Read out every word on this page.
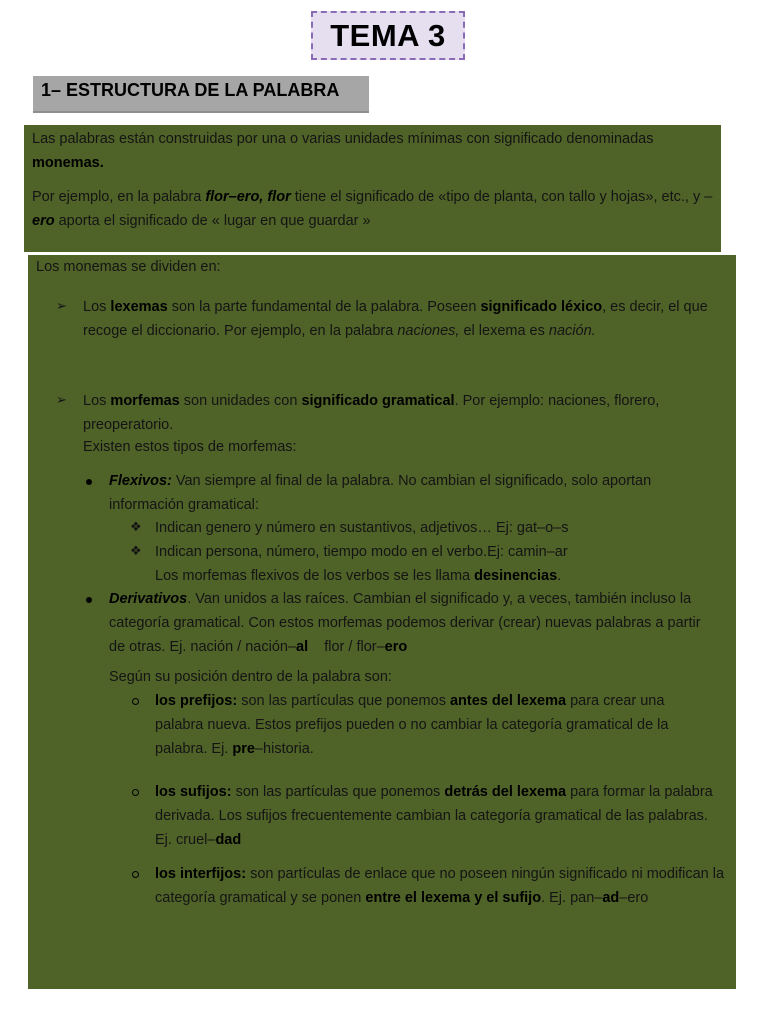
TEMA 3
1– ESTRUCTURA DE LA PALABRA

Las palabras están construidas por una o varias unidades mínimas con significado denominadas monemas.

Por ejemplo, en la palabra flor–ero, flor tiene el significado de «tipo de planta, con tallo y hojas», etc., y –ero aporta el significado de « lugar en que guardar »

Los monemas se dividen en:

➢ Los lexemas son la parte fundamental de la palabra. Poseen significado léxico, es decir, el que recoge el diccionario. Por ejemplo, en la palabra naciones, el lexema es nación.

➢ Los morfemas son unidades con significado gramatical. Por ejemplo: naciones, florero, preoperatorio.

Existen estos tipos de morfemas:

Flexivos: Van siempre al final de la palabra. No cambian el significado, solo aportan información gramatical:

❖ Indican genero y número en sustantivos, adjetivos… Ej: gat–o–s

❖ Indican persona, número, tiempo modo en el verbo.Ej: camin–ar

Los morfemas flexivos de los verbos se les llama desinencias.

Derivativos. Van unidos a las raíces. Cambian el significado y, a veces, también incluso la categoría gramatical. Con estos morfemas podemos derivar (crear) nuevas palabras a partir de otras. Ej. nación / nación–al    flor / flor–ero

Según su posición dentro de la palabra son:

los prefijos: son las partículas que ponemos antes del lexema para crear una palabra nueva. Estos prefijos pueden o no cambiar la categoría gramatical de la palabra. Ej. pre–historia.

los sufijos: son las partículas que ponemos detrás del lexema para formar la palabra derivada. Los sufijos frecuentemente cambian la categoría gramatical de las palabras. Ej. cruel–dad

los interfijos: son partículas de enlace que no poseen ningún significado ni modifican la categoría gramatical y se ponen entre el lexema y el sufijo. Ej. pan–ad–ero
